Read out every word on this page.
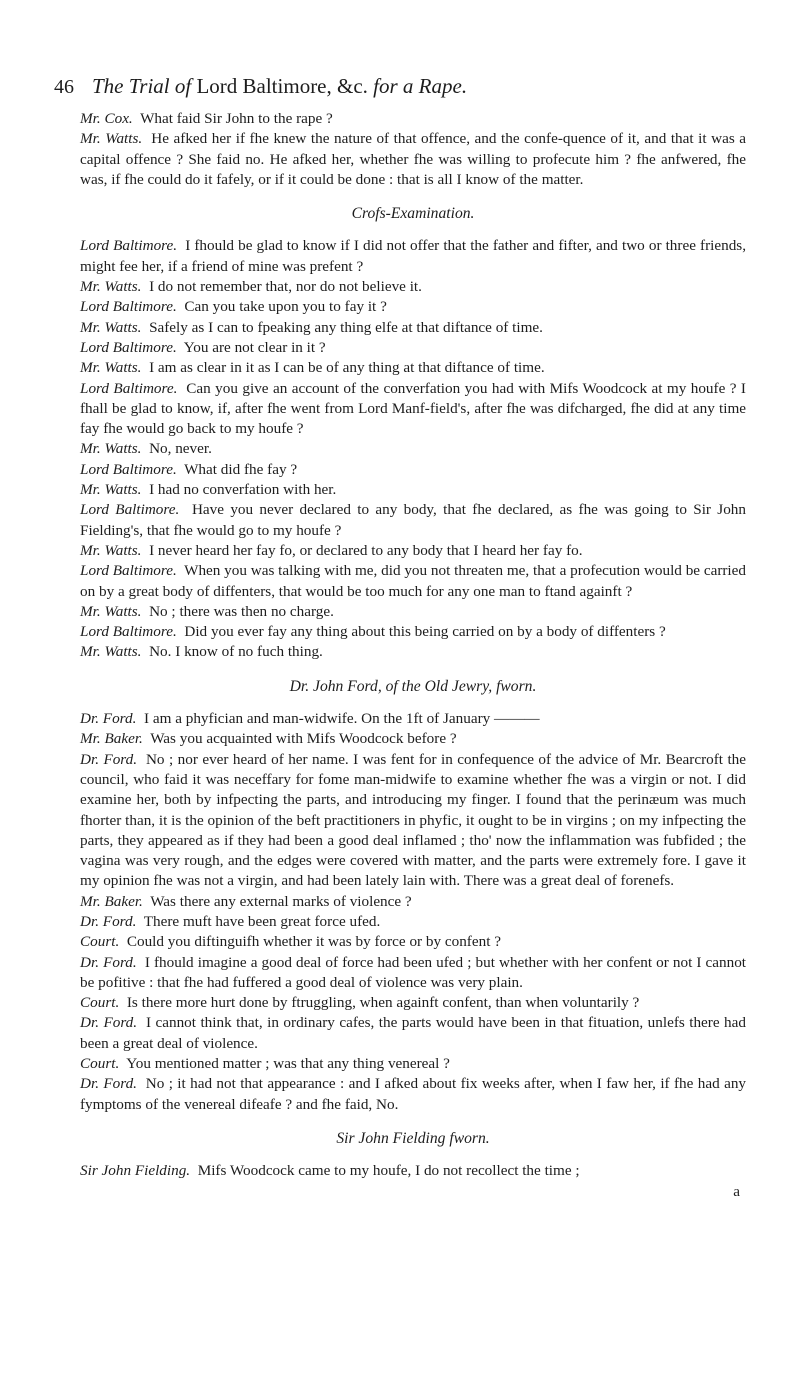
46 The Trial of Lord Baltimore, &c. for a Rape.

Mr. Cox. What faid Sir John to the rape ?

Mr. Watts. He afked her if fhe knew the nature of that offence, and the confe-quence of it, and that it was a capital offence ? She faid no. He afked her, whether fhe was willing to profecute him ? fhe anfwered, fhe was, if fhe could do it fafely, or if it could be done : that is all I know of the matter.

Crofs-Examination.

Lord Baltimore. I fhould be glad to know if I did not offer that the father and fifter, and two or three friends, might fee her, if a friend of mine was prefent ?

Mr. Watts. I do not remember that, nor do not believe it.

Lord Baltimore. Can you take upon you to fay it ?

Mr. Watts. Safely as I can to fpeaking any thing elfe at that diftance of time.

Lord Baltimore. You are not clear in it ?

Mr. Watts. I am as clear in it as I can be of any thing at that diftance of time.

Lord Baltimore. Can you give an account of the converfation you had with Mifs Woodcock at my houfe ? I fhall be glad to know, if, after fhe went from Lord Manf-field's, after fhe was difcharged, fhe did at any time fay fhe would go back to my houfe ?

Mr. Watts. No, never.

Lord Baltimore. What did fhe fay ?

Mr. Watts. I had no converfation with her.

Lord Baltimore. Have you never declared to any body, that fhe declared, as fhe was going to Sir John Fielding's, that fhe would go to my houfe ?

Mr. Watts. I never heard her fay fo, or declared to any body that I heard her fay fo.

Lord Baltimore. When you was talking with me, did you not threaten me, that a profecution would be carried on by a great body of diffenters, that would be too much for any one man to ftand againft ?

Mr. Watts. No ; there was then no charge.

Lord Baltimore. Did you ever fay any thing about this being carried on by a body of diffenters ?

Mr. Watts. No. I know of no fuch thing.

Dr. John Ford, of the Old Jewry, fworn.

Dr. Ford. I am a phyfician and man-widwife. On the 1ft of January ———

Mr. Baker. Was you acquainted with Mifs Woodcock before ?

Dr. Ford. No ; nor ever heard of her name. I was fent for in confequence of the advice of Mr. Bearcroft the council, who faid it was neceffary for fome man-midwife to examine whether fhe was a virgin or not. I did examine her, both by infpecting the parts, and introducing my finger. I found that the perinæum was much fhorter than, it is the opinion of the beft practitioners in phyfic, it ought to be in virgins ; on my infpecting the parts, they appeared as if they had been a good deal inflamed ; tho' now the inflammation was fubfided ; the vagina was very rough, and the edges were covered with matter, and the parts were extremely fore. I gave it my opinion fhe was not a virgin, and had been lately lain with. There was a great deal of forenefs.

Mr. Baker. Was there any external marks of violence ?

Dr. Ford. There muft have been great force ufed.

Court. Could you diftinguifh whether it was by force or by confent ?

Dr. Ford. I fhould imagine a good deal of force had been ufed ; but whether with her confent or not I cannot be pofitive : that fhe had fuffered a good deal of violence was very plain.

Court. Is there more hurt done by ftruggling, when againft confent, than when voluntarily ?

Dr. Ford. I cannot think that, in ordinary cafes, the parts would have been in that fituation, unlefs there had been a great deal of violence.

Court. You mentioned matter ; was that any thing venereal ?

Dr. Ford. No ; it had not that appearance : and I afked about fix weeks after, when I faw her, if fhe had any fymptoms of the venereal difeafe ? and fhe faid, No.

Sir John Fielding fworn.

Sir John Fielding. Mifs Woodcock came to my houfe, I do not recollect the time ;

a
